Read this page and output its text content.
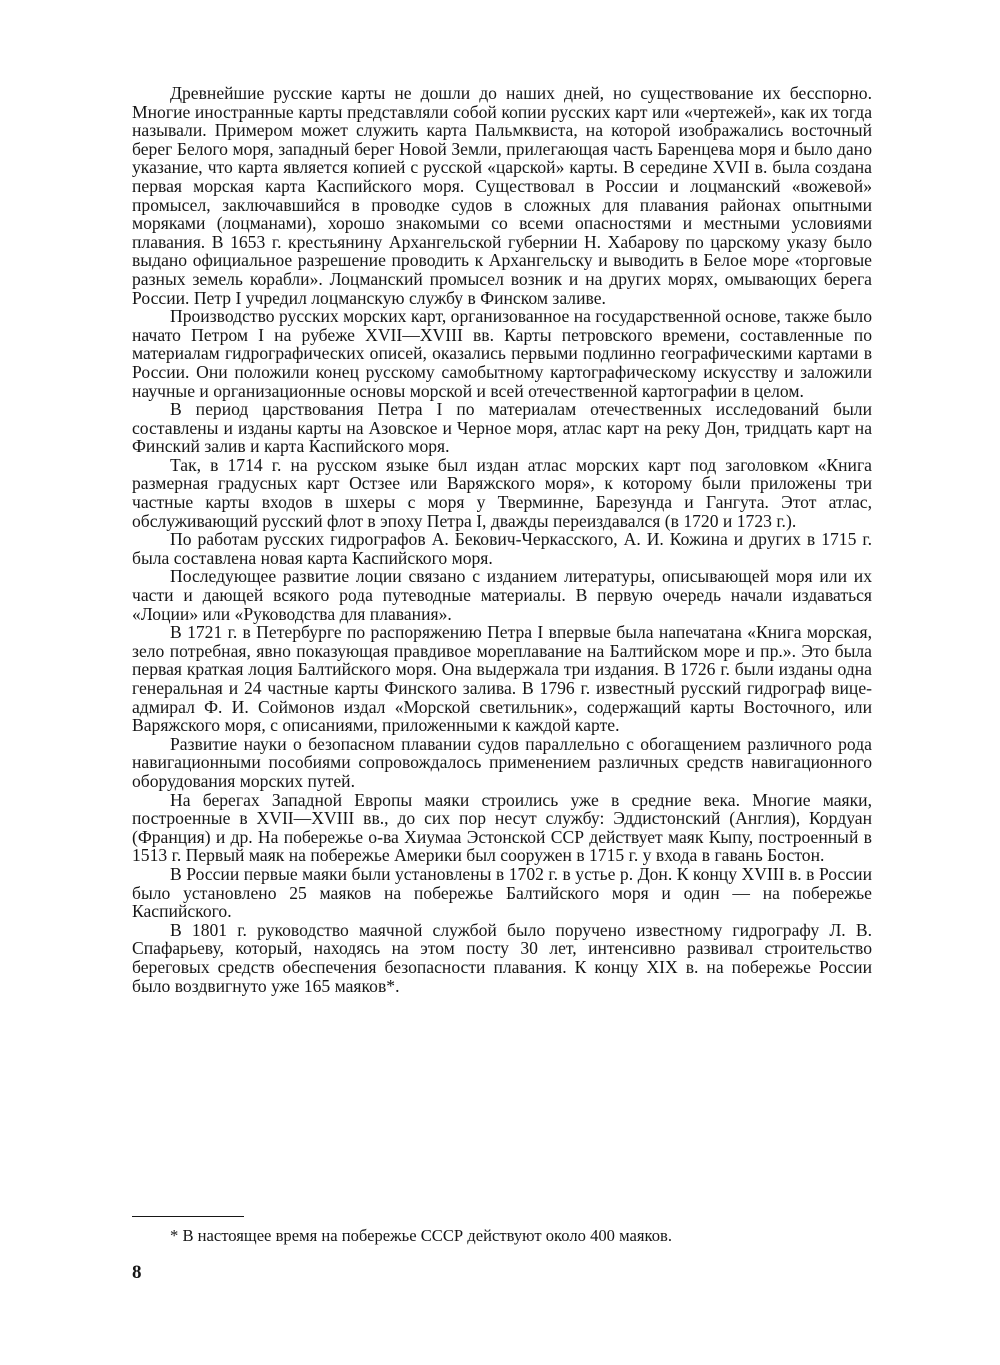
Древнейшие русские карты не дошли до наших дней, но существование их бесспорно. Многие иностранные карты представляли собой копии русских карт или «чертежей», как их тогда называли. Примером может служить карта Пальмквиста, на которой изображались восточный берег Белого моря, западный берег Новой Земли, прилегающая часть Баренцева моря и было дано указание, что карта является копией с русской «царской» карты. В середине XVII в. была создана первая морская карта Каспийского моря. Существовал в России и лоцманский «вожевой» промысел, заключавшийся в проводке судов в сложных для плавания районах опытными моряками (лоцманами), хорошо знакомыми со всеми опасностями и местными условиями плавания. В 1653 г. крестьянину Архангельской губернии Н. Хабарову по царскому указу было выдано официальное разрешение проводить к Архангельску и выводить в Белое море «торговые разных земель корабли». Лоцманский промысел возник и на других морях, омывающих берега России. Петр I учредил лоцманскую службу в Финском заливе.

Производство русских морских карт, организованное на государственной основе, также было начато Петром I на рубеже XVII—XVIII вв. Карты петровского времени, составленные по материалам гидрографических описей, оказались первыми подлинно географическими картами в России. Они положили конец русскому самобытному картографическому искусству и заложили научные и организационные основы морской и всей отечественной картографии в целом.

В период царствования Петра I по материалам отечественных исследований были составлены и изданы карты на Азовское и Черное моря, атлас карт на реку Дон, тридцать карт на Финский залив и карта Каспийского моря.

Так, в 1714 г. на русском языке был издан атлас морских карт под заголовком «Книга размерная градусных карт Остзее или Варяжского моря», к которому были приложены три частные карты входов в шхеры с моря у Тверминне, Барезунда и Гангута. Этот атлас, обслуживающий русский флот в эпоху Петра I, дважды переиздавался (в 1720 и 1723 г.).

По работам русских гидрографов А. Бекович-Черкасского, А. И. Кожина и других в 1715 г. была составлена новая карта Каспийского моря.

Последующее развитие лоции связано с изданием литературы, описывающей моря или их части и дающей всякого рода путеводные материалы. В первую очередь начали издаваться «Лоции» или «Руководства для плавания».

В 1721 г. в Петербурге по распоряжению Петра I впервые была напечатана «Книга морская, зело потребная, явно показующая правдивое мореплавание на Балтийском море и пр.». Это была первая краткая лоция Балтийского моря. Она выдержала три издания. В 1726 г. были изданы одна генеральная и 24 частные карты Финского залива. В 1796 г. известный русский гидрограф вице-адмирал Ф. И. Соймонов издал «Морской светильник», содержащий карты Восточного, или Варяжского моря, с описаниями, приложенными к каждой карте.

Развитие науки о безопасном плавании судов параллельно с обогащением различного рода навигационными пособиями сопровождалось применением различных средств навигационного оборудования морских путей.

На берегах Западной Европы маяки строились уже в средние века. Многие маяки, построенные в XVII—XVIII вв., до сих пор несут службу: Эддистонский (Англия), Кордуан (Франция) и др. На побережье о-ва Хиумаа Эстонской ССР действует маяк Кыпу, построенный в 1513 г. Первый маяк на побережье Америки был сооружен в 1715 г. у входа в гавань Бостон.

В России первые маяки были установлены в 1702 г. в устье р. Дон. К концу XVIII в. в России было установлено 25 маяков на побережье Балтийского моря и один — на побережье Каспийского.

В 1801 г. руководство маячной службой было поручено известному гидрографу Л. В. Спафарьеву, который, находясь на этом посту 30 лет, интенсивно развивал строительство береговых средств обеспечения безопасности плавания. К концу XIX в. на побережье России было воздвигнуто уже 165 маяков*.

* В настоящее время на побережье СССР действуют около 400 маяков.
8
